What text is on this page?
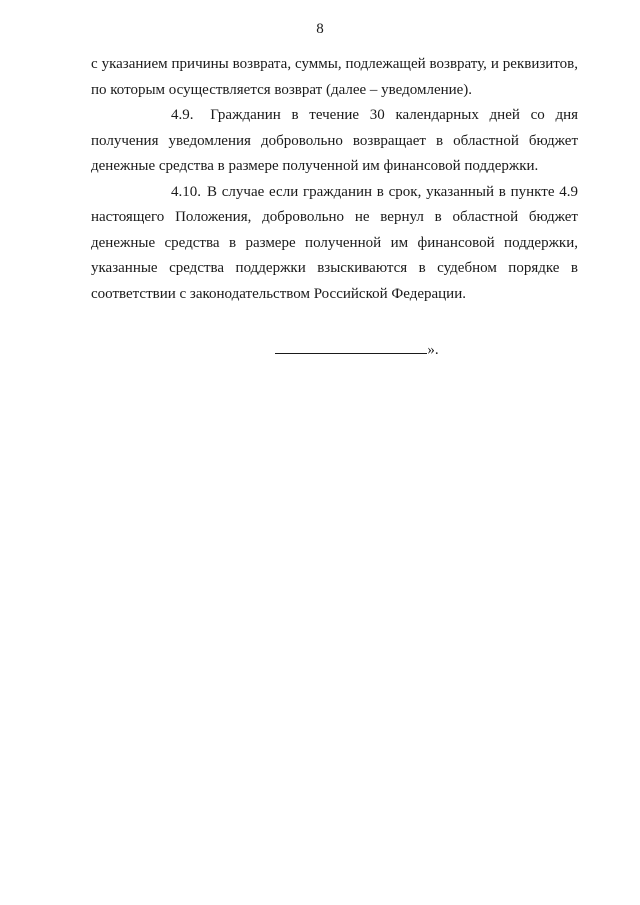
8

с указанием причины возврата, суммы, подлежащей возврату, и реквизитов, по которым осуществляется возврат (далее – уведомление).

4.9. Гражданин в течение 30 календарных дней со дня получения уведомления добровольно возвращает в областной бюджет денежные средства в размере полученной им финансовой поддержки.

4.10. В случае если гражданин в срок, указанный в пункте 4.9 настоящего Положения, добровольно не вернул в областной бюджет денежные средства в размере полученной им финансовой поддержки, указанные средства поддержки взыскиваются в судебном порядке в соответствии с законодательством Российской Федерации.

».
